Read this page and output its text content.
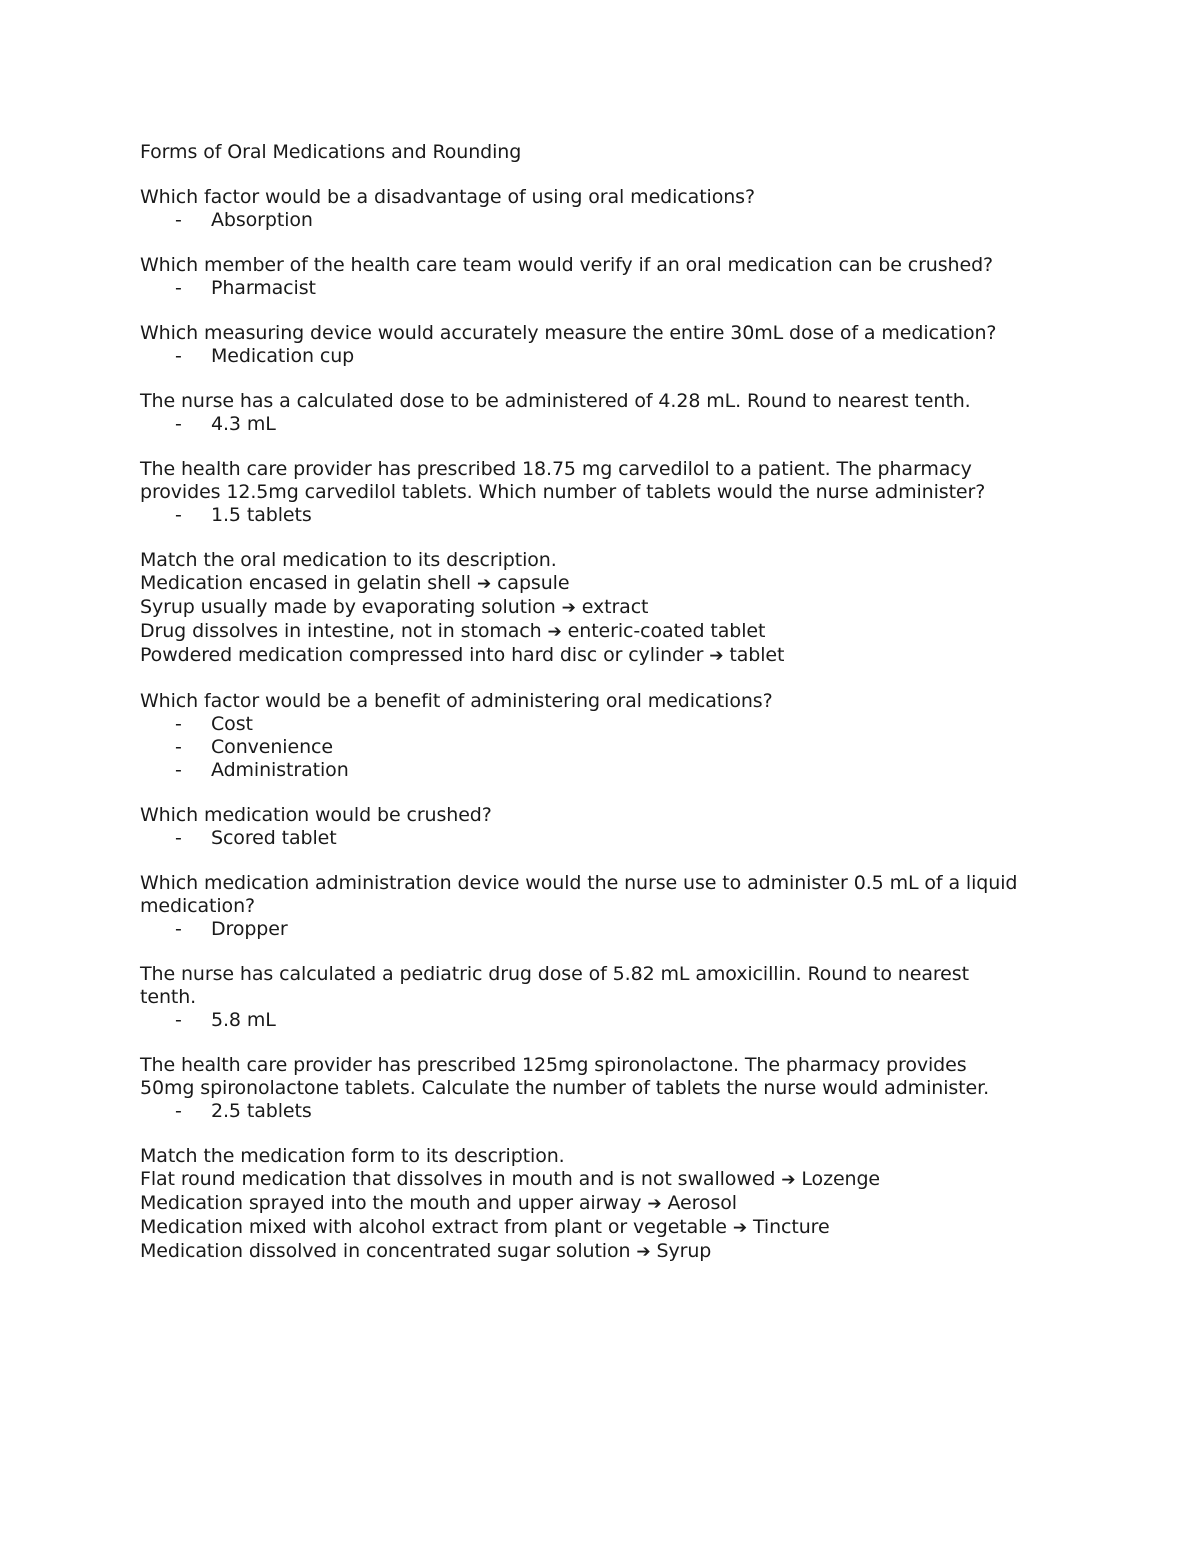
Forms of Oral Medications and Rounding

Which factor would be a disadvantage of using oral medications?

-	Absorption

Which member of the health care team would verify if an oral medication can be crushed?

-	Pharmacist

Which measuring device would accurately measure the entire 30mL dose of a medication?

-	Medication cup

The nurse has a calculated dose to be administered of 4.28 mL. Round to nearest tenth.

-	4.3 mL

The health care provider has prescribed 18.75 mg carvedilol to a patient. The pharmacy

provides 12.5mg carvedilol tablets. Which number of tablets would the nurse administer?

-	1.5 tablets

Match the oral medication to its description.

Medication encased in gelatin shell ➔ capsule

Syrup usually made by evaporating solution ➔ extract

Drug dissolves in intestine, not in stomach ➔ enteric-coated tablet

Powdered medication compressed into hard disc or cylinder ➔ tablet

Which factor would be a benefit of administering oral medications?

-	Cost
-	Convenience
-	Administration

Which medication would be crushed?

-	Scored tablet

Which medication administration device would the nurse use to administer 0.5 mL of a liquid

medication?

-	Dropper

The nurse has calculated a pediatric drug dose of 5.82 mL amoxicillin. Round to nearest

tenth.

-	5.8 mL

The health care provider has prescribed 125mg spironolactone. The pharmacy provides

50mg spironolactone tablets. Calculate the number of tablets the nurse would administer.

-	2.5 tablets

Match the medication form to its description.

Flat round medication that dissolves in mouth and is not swallowed ➔ Lozenge

Medication sprayed into the mouth and upper airway ➔ Aerosol

Medication mixed with alcohol extract from plant or vegetable ➔ Tincture

Medication dissolved in concentrated sugar solution ➔ Syrup
